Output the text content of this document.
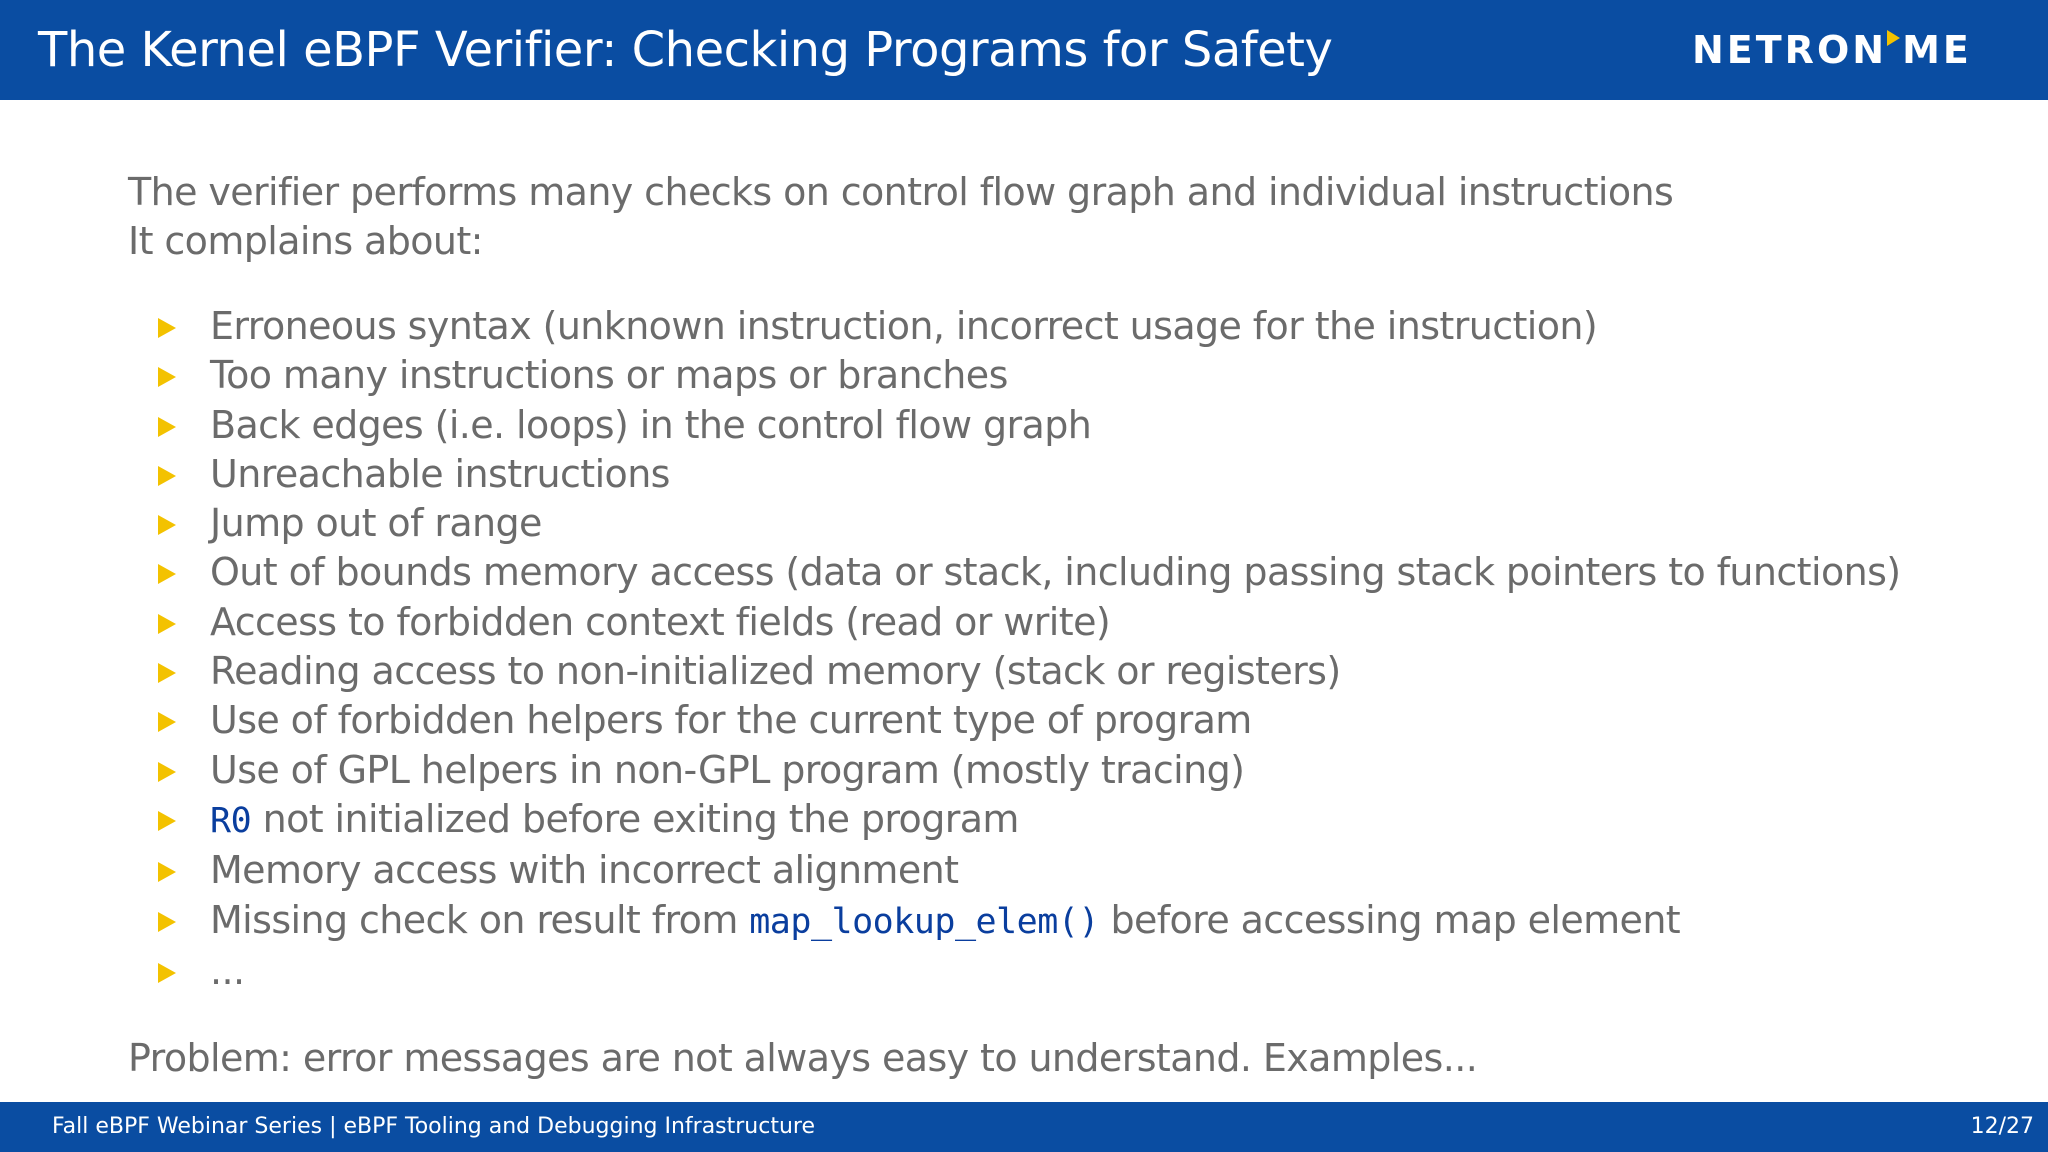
The Kernel eBPF Verifier: Checking Programs for Safety	NETR O N ME
The verifier performs many checks on control flow graph and individual instructions
It complains about:
Erroneous syntax (unknown instruction, incorrect usage for the instruction)
Too many instructions or maps or branches
Back edges (i.e. loops) in the control flow graph
Unreachable instructions
Jump out of range
Out of bounds memory access (data or stack, including passing stack pointers to functions)
Access to forbidden context fields (read or write)
Reading access to non-initialized memory (stack or registers)
Use of forbidden helpers for the current type of program
Use of GPL helpers in non-GPL program (mostly tracing)
R0 not initialized before exiting the program
Memory access with incorrect alignment
Missing check on result from map_lookup_elem() before accessing map element
...
Problem: error messages are not always easy to understand. Examples...
Fall eBPF Webinar Series | eBPF Tooling and Debugging Infrastructure	12/27
